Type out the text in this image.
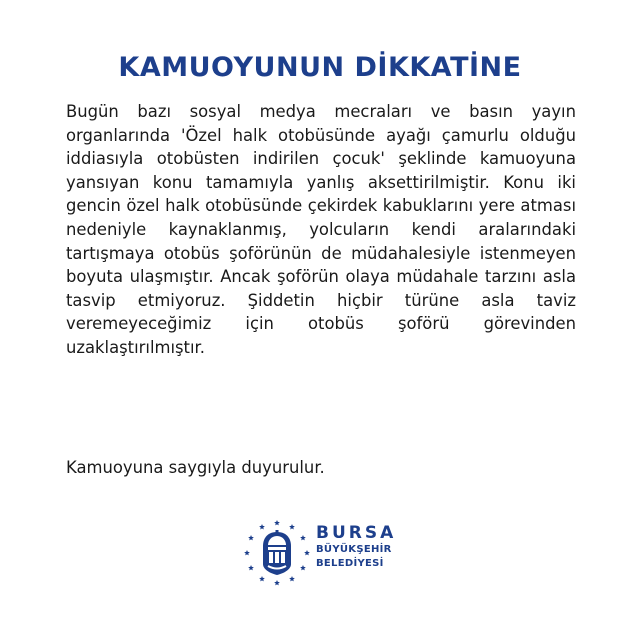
KAMUOYUNUN DİKKATİNE

Bugün bazı sosyal medya mecraları ve basın yayın organlarında 'Özel halk otobüsünde ayağı çamurlu olduğu iddiasıyla otobüsten indirilen çocuk' şeklinde kamuoyuna yansıyan konu tamamıyla yanlış aksettirilmiştir. Konu iki gencin özel halk otobüsünde çekirdek kabuklarını yere atması nedeniyle kaynaklanmış, yolcuların kendi aralarındaki tartışmaya otobüs şoförünün de müdahalesiyle istenmeyen boyuta ulaşmıştır. Ancak şoförün olaya müdahale tarzını asla tasvip etmiyoruz. Şiddetin hiçbir türüne asla taviz veremeyeceğimiz için otobüs şoförü görevinden uzaklaştırılmıştır.

Kamuoyuna saygıyla duyurulur.

BURSA
BÜYÜKŞEHİR
BELEDİYESİ
